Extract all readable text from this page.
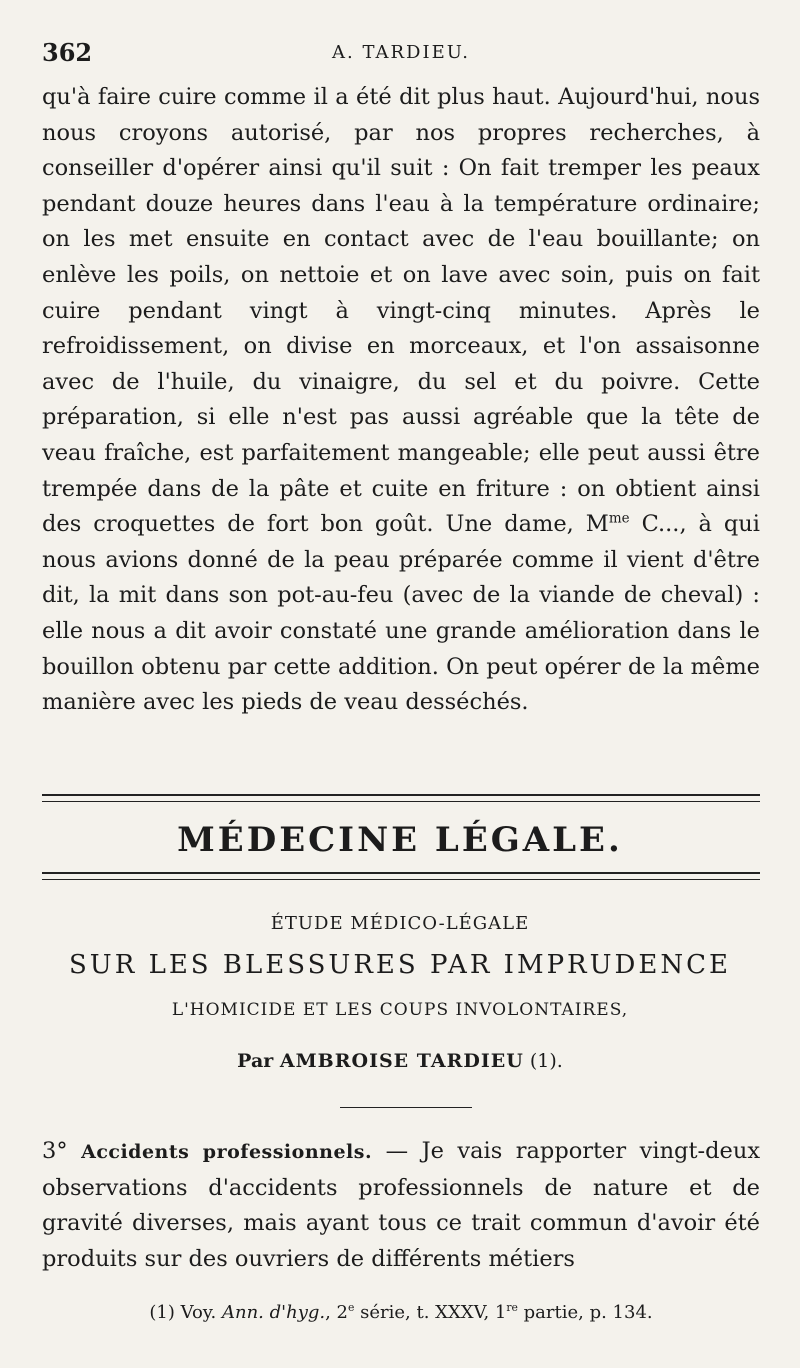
362	A. TARDIEU.

qu'à faire cuire comme il a été dit plus haut. Aujourd'hui, nous nous croyons autorisé, par nos propres recherches, à conseiller d'opérer ainsi qu'il suit : On fait tremper les peaux pendant douze heures dans l'eau à la température ordinaire; on les met ensuite en contact avec de l'eau bouillante; on enlève les poils, on nettoie et on lave avec soin, puis on fait cuire pendant vingt à vingt-cinq minutes. Après le refroidissement, on divise en morceaux, et l'on assaisonne avec de l'huile, du vinaigre, du sel et du poivre. Cette préparation, si elle n'est pas aussi agréable que la tête de veau fraîche, est parfaitement mangeable; elle peut aussi être trempée dans de la pâte et cuite en friture : on obtient ainsi des croquettes de fort bon goût. Une dame, $M^{me}$ C..., à qui nous avions donné de la peau préparée comme il vient d'être dit, la mit dans son pot-au-feu (avec de la viande de cheval) : elle nous a dit avoir constaté une grande amélioration dans le bouillon obtenu par cette addition. On peut opérer de la même manière avec les pieds de veau desséchés.

MÉDECINE LÉGALE.
ÉTUDE MÉDICO-LÉGALE
SUR LES BLESSURES PAR IMPRUDENCE
L'HOMICIDE ET LES COUPS INVOLONTAIRES,
Par AMBROISE TARDIEU (1).
3° Accidents professionnels. — Je vais rapporter vingt-deux observations d'accidents professionnels de nature et de gravité diverses, mais ayant tous ce trait commun d'avoir été produits sur des ouvriers de différents métiers
(1) Voy. Ann. d'hyg., 2e série, t. XXXV, 1re partie, p. 134.
